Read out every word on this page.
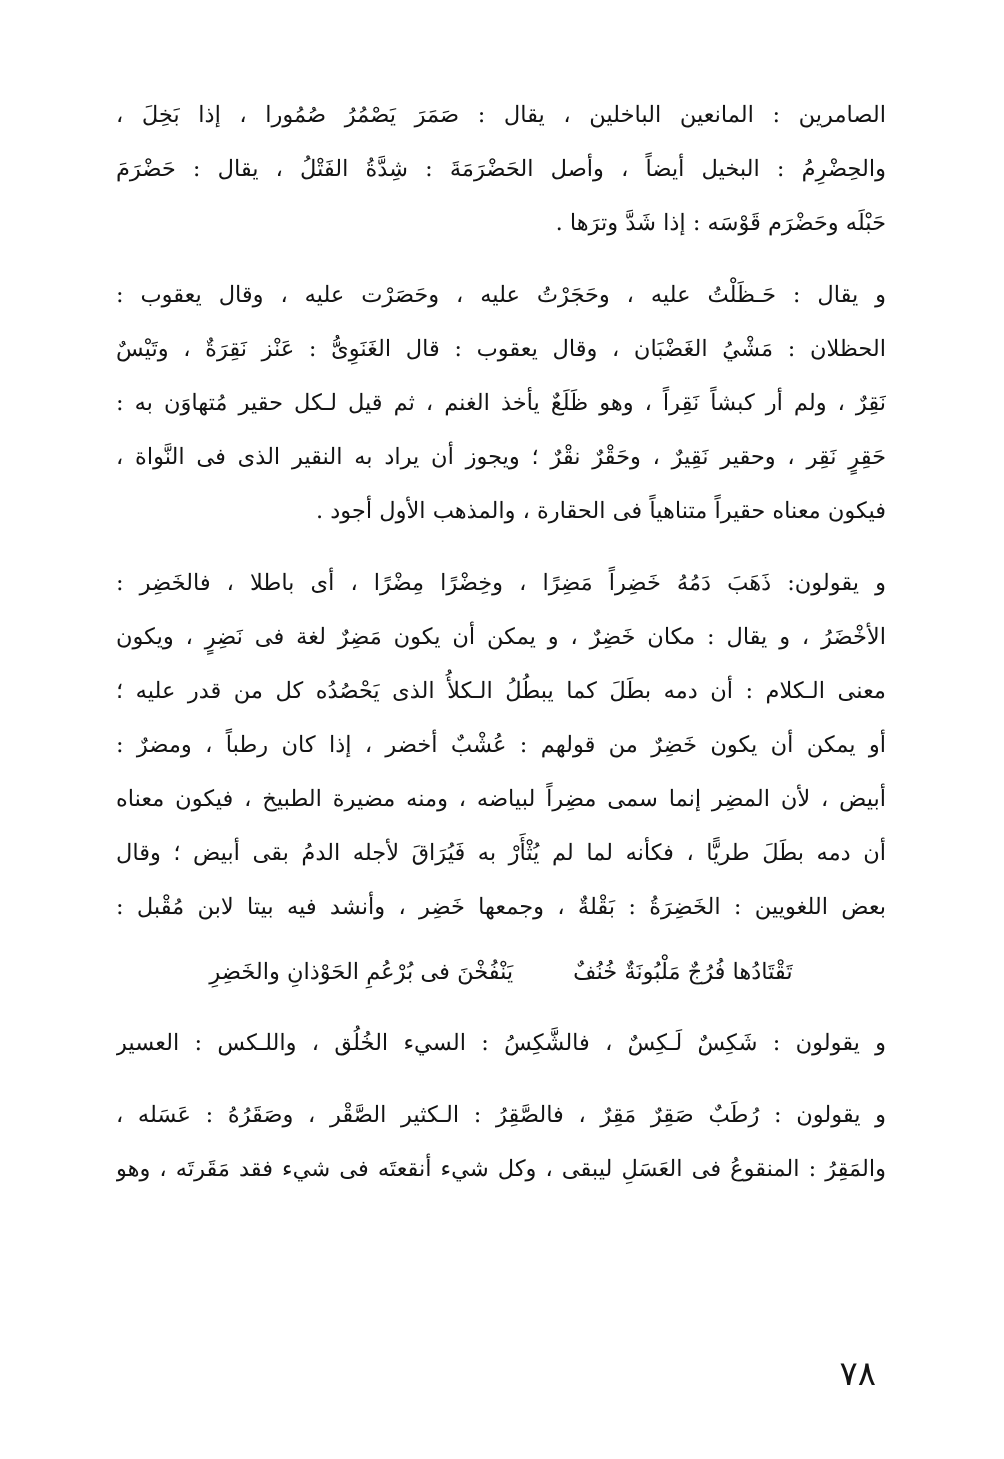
الصامرين : المانعين الباخلين ، يقال : صَمَرَ يَصْمُرُ صُمُورا ، إذا بَخِلَ ،
والحِضْرِمُ : البخيل أيضاً ، وأصل الحَضْرَمَةَ : شِدَّةُ الفَتْلُ ، يقال : حَضْرَمَ
حَبْلَه وحَضْرَم قَوْسَه : إذا شَدَّ وترَها .

و يقال : حَـظَلْتُ عليه ، وحَجَرْتُ عليه ، وحَصَرْت عليه ، وقال يعقوب :
الحظلان : مَشْيُ الغَضْبَان ، وقال يعقوب : قال الغَنَوِىُّ : عَنْز نَقِرَةٌ ، وتَيْسٌ
نَقِرٌ ، ولم أر كبشاً نَقِراً ، وهو ظَلَعٌ يأخذ الغنم ، ثم قيل لـكل حقير مُتهاوَن به :
حَقِرٍ نَقِر ، وحقير نَقِيرٌ ، وحَقْرٌ نقْرٌ ؛ ويجوز أن يراد به النقير الذى فى النَّواة ،
فيكون معناه حقيراً متناهياً فى الحقارة ، والمذهب الأول أجود .

و يقولون: ذَهَبَ دَمُهُ خَضِراً مَضِرًا ، وخِضْرًا مِضْرًا ، أى باطلا ، فالخَضِر :
الأخْضَرُ ، و يقال : مكان خَضِرٌ ، و يمكن أن يكون مَضِرٌ لغة فى نَضِرٍ ، ويكون
معنى الـكلام : أن دمه بطَلَ كما يبطُلُ الـكلأُ الذى يَحْصُدُه كل من قدر عليه ؛
أو يمكن أن يكون خَضِرٌ من قولهم : عُشْبٌ أخضر ، إذا كان رطباً ، ومضرٌ :
أبيض ، لأن المضِر إنما سمى مضِراً لبياضه ، ومنه مضيرة الطبيخ ، فيكون معناه
أن دمه بطَلَ طريًّا ، فكأنه لما لم يُثْأَرْ به فَيُرَاقَ لأجله الدمُ بقى أبيض ؛ وقال
بعض اللغويين : الخَضِرَةُ : بَقْلةٌ ، وجمعها خَضِر ، وأنشد فيه بيتا لابن مُقْبل :

تَقْتَادُها فُرُجٌ مَلْبُونَةٌ خُنُفٌ
يَنْفُخْنَ فى بُرْعُمِ الحَوْذانِ والخَضِرِ

و يقولون : شَكِسٌ لَـكِسٌ ، فالشَّكِسُ : السيء الخُلُق ، واللـكس : العسير

و يقولون : رُطَبٌ صَقِرٌ مَقِرٌ ، فالصَّقِرُ : الـكثير الصَّقْر ، وصَقَرُهُ : عَسَله ،
والمَقِرُ : المنقوعُ فى العَسَلِ ليبقى ، وكل شيء أنقعتَه فى شيء فقد مَقَرتَه ، وهو

٧٨
